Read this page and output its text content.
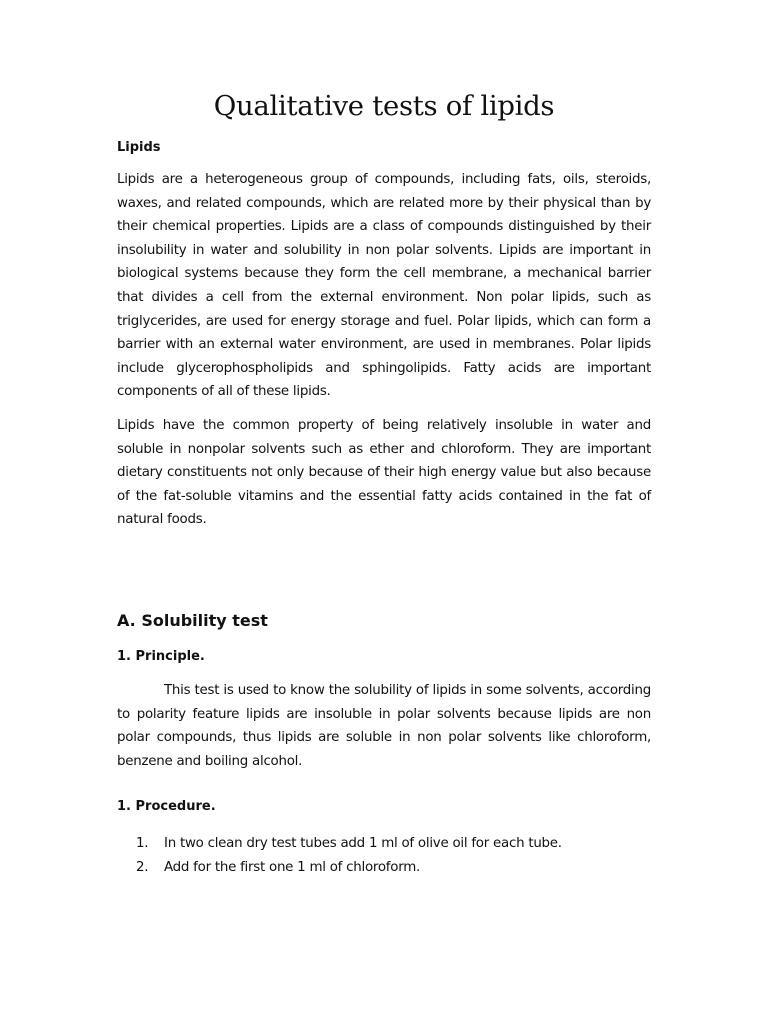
Qualitative tests of lipids

Lipids

Lipids are a heterogeneous group of compounds, including fats, oils, steroids, waxes, and related compounds, which are related more by their physical than by their chemical properties. Lipids are a class of compounds distinguished by their insolubility in water and solubility in non polar solvents. Lipids are important in biological systems because they form the cell membrane, a mechanical barrier that divides a cell from the external environment. Non polar lipids, such as triglycerides, are used for energy storage and fuel. Polar lipids, which can form a barrier with an external water environment, are used in membranes. Polar lipids include glycerophospholipids and sphingolipids. Fatty acids are important components of all of these lipids.

Lipids have the common property of being relatively insoluble in water and soluble in nonpolar solvents such as ether and chloroform. They are important dietary constituents not only because of their high energy value but also because of the fat-soluble vitamins and the essential fatty acids contained in the fat of natural foods.

A. Solubility test

1. Principle.

This test is used to know the solubility of lipids in some solvents, according to polarity feature lipids are insoluble in polar solvents because lipids are non polar compounds, thus lipids are soluble in non polar solvents like chloroform, benzene and boiling alcohol.

1. Procedure.

1.	In two clean dry test tubes add 1 ml of olive oil for each tube.
2.	Add for the first one 1 ml of chloroform.
